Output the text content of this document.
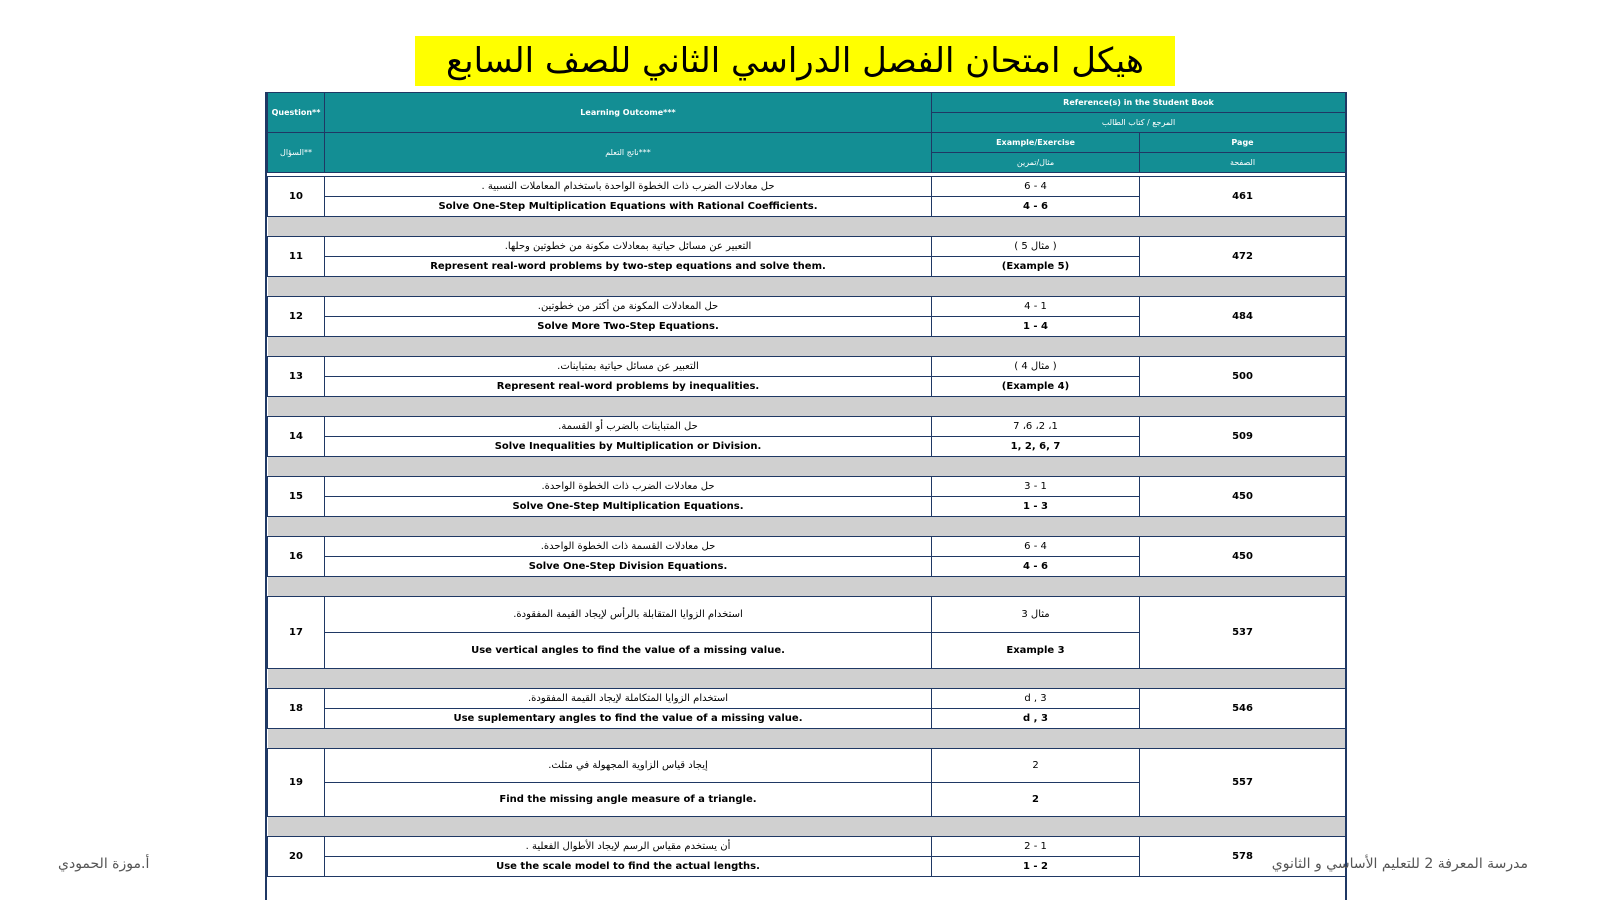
هيكل امتحان الفصل الدراسي الثاني للصف السابع
Question**	Learning Outcome***	Reference(s) in the Student Book	
		المرجع / كتاب الطالب	
السؤال**	ناتج التعلم***	Example/Exercise	Page
		مثال/تمرين	الصفحة

10	حل معادلات الضرب ذات الخطوة الواحدة باستخدام المعاملات النسبية .	4 - 6	461
	Solve One-Step Multiplication Equations with Rational Coefficients.	4 - 6	

11	التعبير عن مسائل حياتية بمعادلات مكونة من خطوتين وحلها.	( مثال 5 )	472
	Represent real-word problems by two-step equations and solve them.	(Example 5)	

12	حل المعادلات المكونة من أكثر من خطوتين.	1 - 4	484
	Solve More Two-Step Equations.	1 - 4	

13	التعبير عن مسائل حياتية بمتباينات.	( مثال 4 )	500
	Represent real-word problems by inequalities.	(Example 4)	

14	حل المتباينات بالضرب أو القسمة.	1، 2، 6، 7	509
	Solve Inequalities by Multiplication or Division.	1, 2, 6, 7	

15	حل معادلات الضرب ذات الخطوة الواحدة.	1 - 3	450
	Solve One-Step Multiplication Equations.	1 - 3	

16	حل معادلات القسمة ذات الخطوة الواحدة.	4 - 6	450
	Solve One-Step Division Equations.	4 - 6	

17	استخدام الزوايا المتقابلة بالرأس لإيجاد القيمة المفقودة.	مثال 3	537
	Use vertical angles to find the value of a missing value.	Example 3	

18	استخدام الزوايا المتكاملة لإيجاد القيمة المفقودة.	d , 3	546
	Use suplementary angles to find the value of a missing value.	d , 3	

19	إيجاد قياس الزاوية المجهولة في مثلث.	2	557
	Find the missing angle measure of a triangle.	2	

20	أن يستخدم مقياس الرسم لإيجاد الأطوال الفعلية .	1 - 2	578
	Use the scale model to find the actual lengths.	1 - 2	
أ.موزة الحمودي	مدرسة المعرفة 2 للتعليم الأساسي و الثانوي
